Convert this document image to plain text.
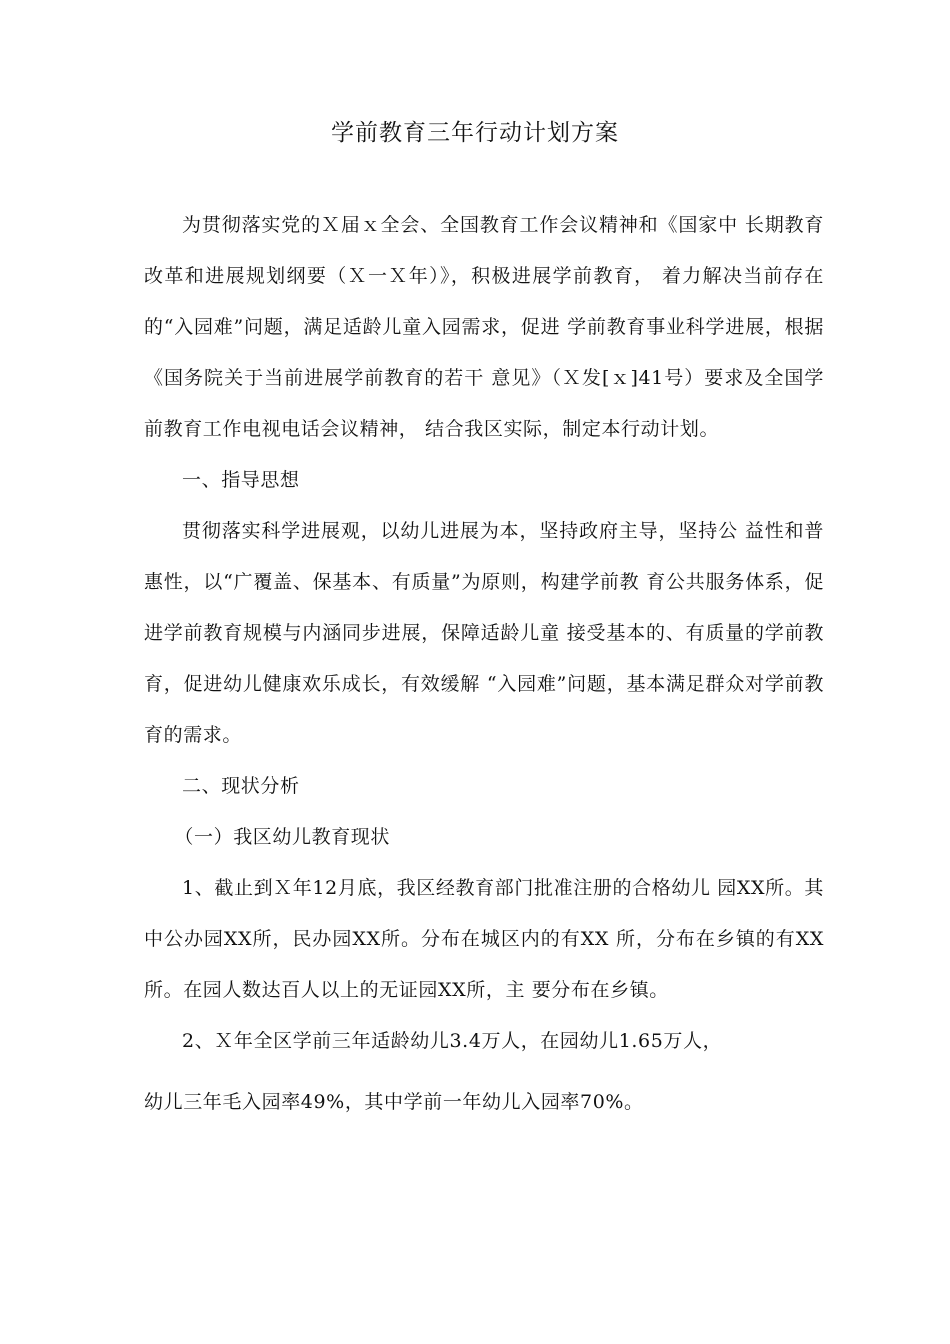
学前教育三年行动计划方案

为贯彻落实党的Ｘ届ｘ全会、全国教育工作会议精神和《国家中 长期教育改革和进展规划纲要（Ｘ一Ｘ年）》，积极进展学前教育， 着力解决当前存在的“入园难”问题，满足适龄儿童入园需求，促进 学前教育事业科学进展，根据《国务院关于当前进展学前教育的若干 意见》（Ｘ发[ｘ]41号）要求及全国学前教育工作电视电话会议精神， 结合我区实际，制定本行动计划。

一、指导思想

贯彻落实科学进展观，以幼儿进展为本，坚持政府主导，坚持公 益性和普惠性，以“广覆盖、保基本、有质量”为原则，构建学前教 育公共服务体系，促进学前教育规模与内涵同步进展，保障适龄儿童 接受基本的、有质量的学前教育，促进幼儿健康欢乐成长，有效缓解 “入园难”问题，基本满足群众对学前教育的需求。

二、现状分析

（一）我区幼儿教育现状

1、截止到Ｘ年12月底，我区经教育部门批准注册的合格幼儿 园XX所。其中公办园XX所，民办园XX所。分布在城区内的有XX 所，分布在乡镇的有XX所。在园人数达百人以上的无证园XX所，主 要分布在乡镇。

2、Ｘ年全区学前三年适龄幼儿3.4万人，在园幼儿1.65万人，

幼儿三年毛入园率49%，其中学前一年幼儿入园率70%。
